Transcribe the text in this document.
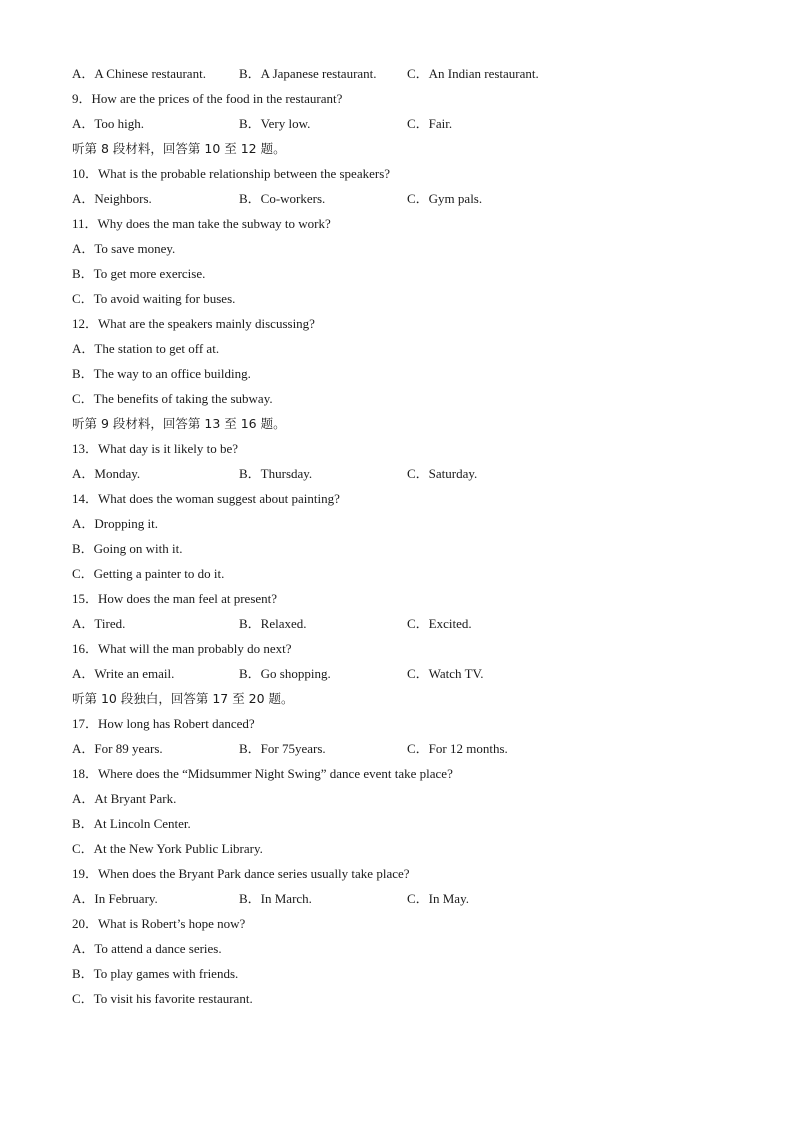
A．A Chinese restaurant.	B．A Japanese restaurant. C．An Indian restaurant.
9．How are the prices of the food in the restaurant?
A．Too high.	B．Very low.	C．Fair.
听第 8 段材料，回答第 10 至 12 题。
10．What is the probable relationship between the speakers?
A．Neighbors.	B．Co-workers.	C．Gym pals.
11．Why does the man take the subway to work?
A．To save money.
B．To get more exercise.
C．To avoid waiting for buses.
12．What are the speakers mainly discussing?
A．The station to get off at.
B．The way to an office building.
C．The benefits of taking the subway.
听第 9 段材料，回答第 13 至 16 题。
13．What day is it likely to be?
A．Monday.	B．Thursday.	C．Saturday.
14．What does the woman suggest about painting?
A．Dropping it.
B．Going on with it.
C．Getting a painter to do it.
15．How does the man feel at present?
A．Tired.	B．Relaxed.	C．Excited.
16．What will the man probably do next?
A．Write an email.	B．Go shopping.	C．Watch TV.
听第 10 段独白，回答第 17 至 20 题。
17．How long has Robert danced?
A．For 89 years.	B．For 75years.	C．For 12 months.
18．Where does the “Midsummer Night Swing” dance event take place?
A．At Bryant Park.
B．At Lincoln Center.
C．At the New York Public Library.
19．When does the Bryant Park dance series usually take place?
A．In February.	B．In March.	C．In May.
20．What is Robert’s hope now?
A．To attend a dance series.
B．To play games with friends.
C．To visit his favorite restaurant.
